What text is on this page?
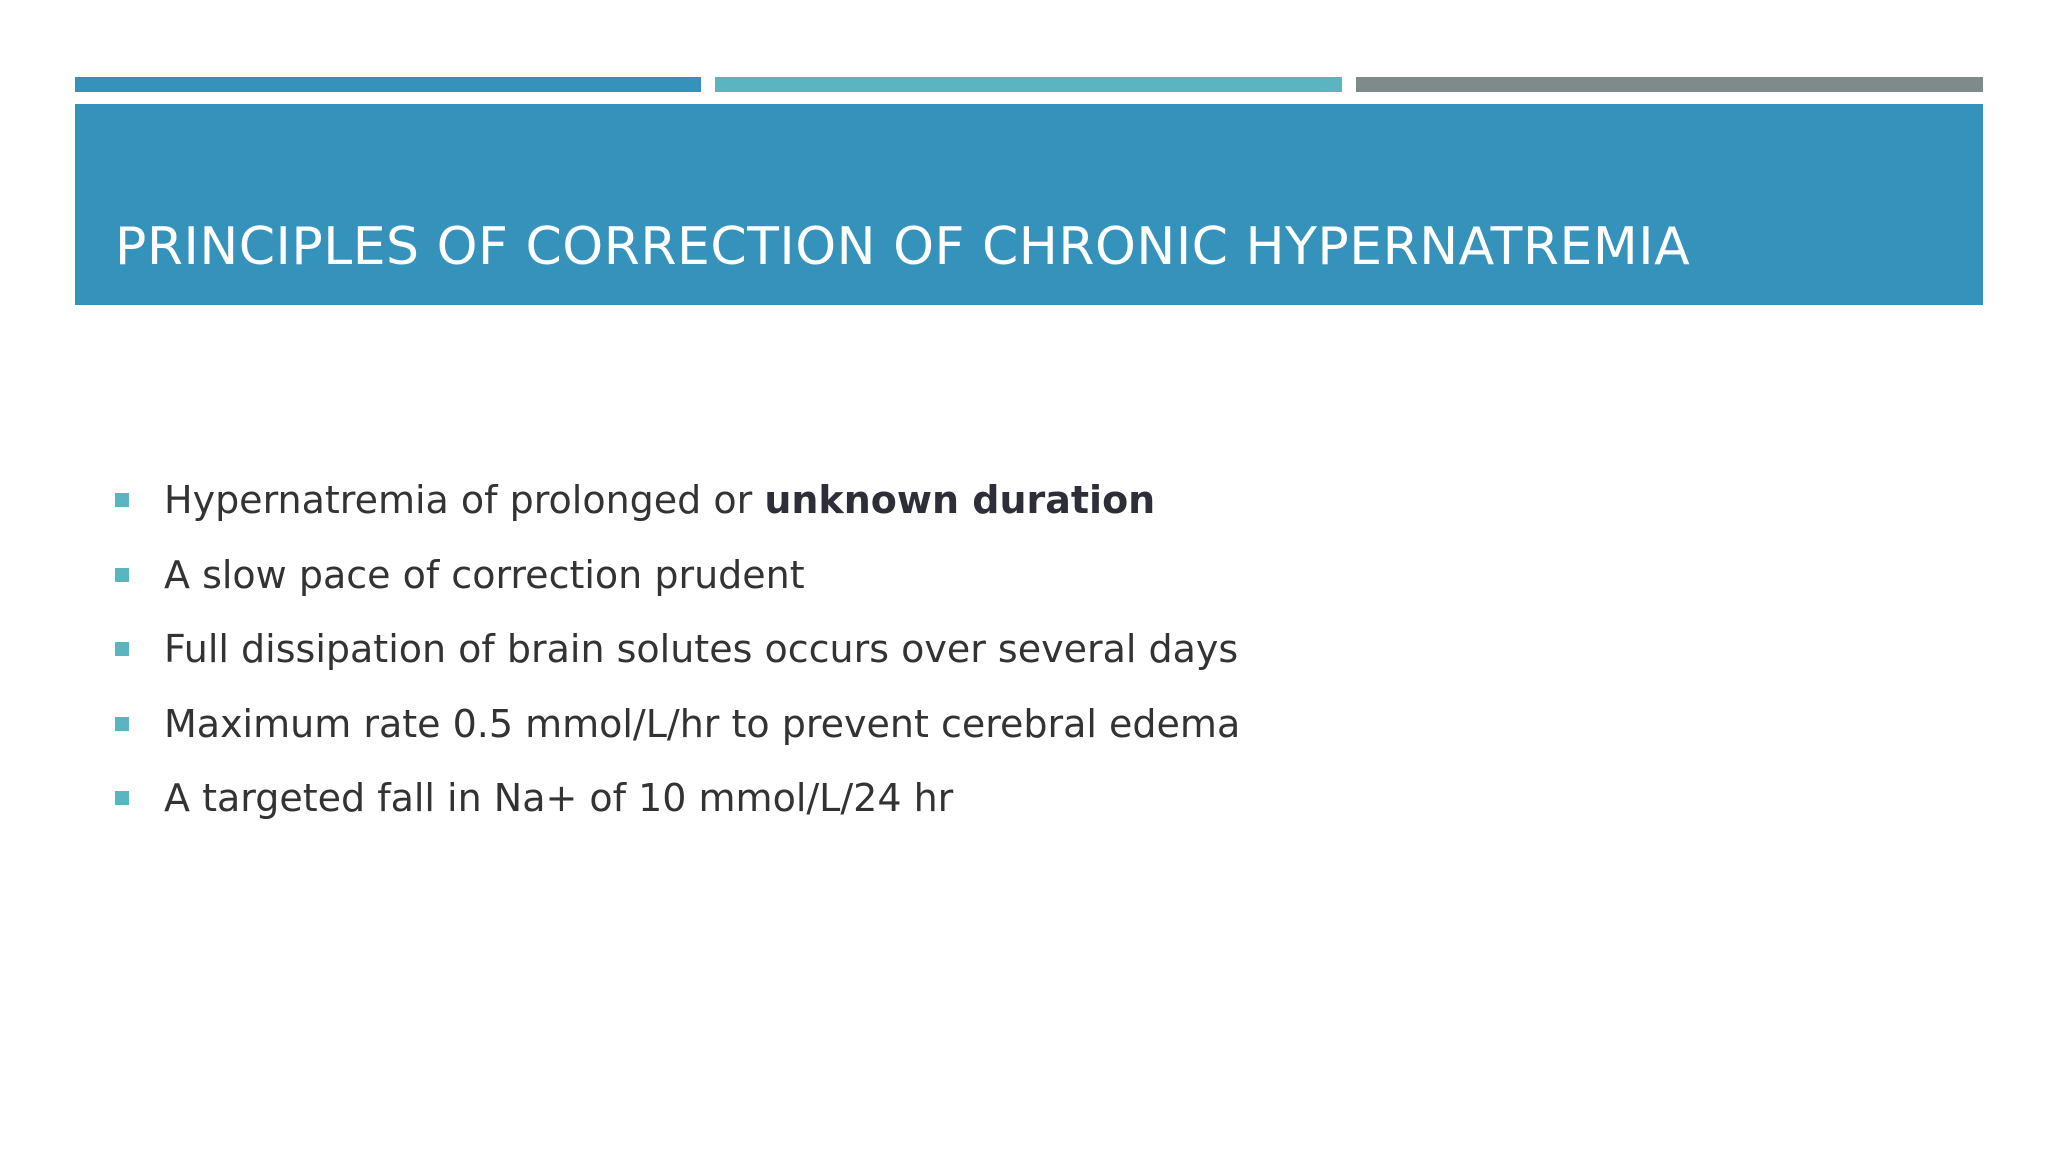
PRINCIPLES OF CORRECTION OF CHRONIC HYPERNATREMIA
Hypernatremia of prolonged or unknown duration
A slow pace of correction prudent
Full dissipation of brain solutes occurs over several days
Maximum rate 0.5 mmol/L/hr to prevent cerebral edema
A targeted fall in Na+ of 10 mmol/L/24 hr
